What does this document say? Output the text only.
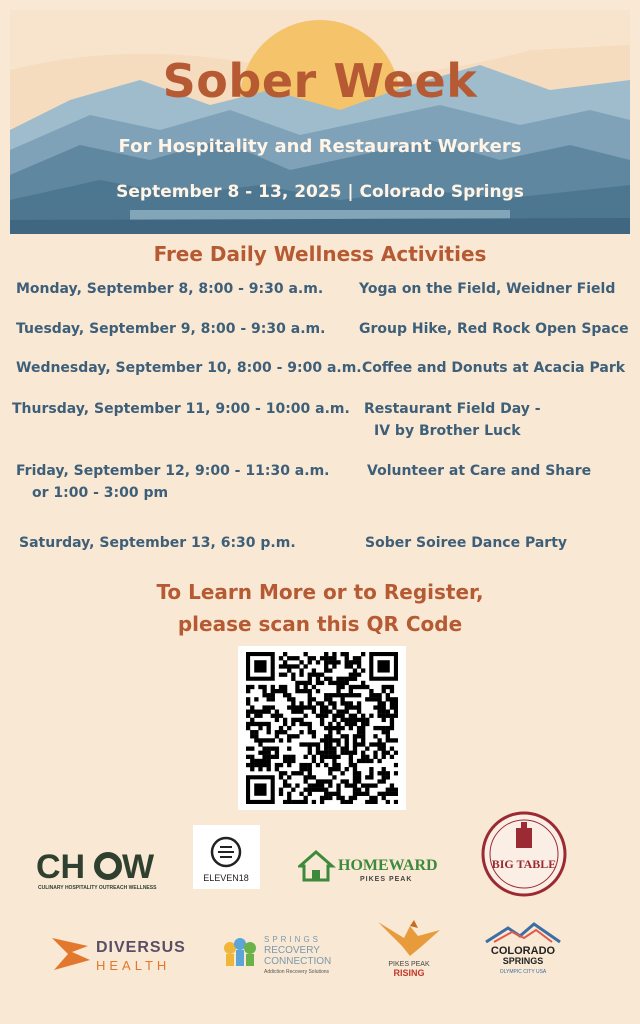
Sober Week
For Hospitality and Restaurant Workers
September 8 - 13, 2025 | Colorado Springs
Free Daily Wellness Activities
Monday, September 8, 8:00 - 9:30 a.m.	Yoga on the Field, Weidner Field
Tuesday, September 9, 8:00 - 9:30 a.m. Group Hike, Red Rock Open Space
Wednesday, September 10, 8:00 - 9:00 a.m. Coffee and Donuts at Acacia Park
Thursday, September 11, 9:00 - 10:00 a.m. Restaurant Field Day -
IV by Brother Luck
Friday, September 12, 9:00 - 11:30 a.m.
or 1:00 - 3:00 pm
Volunteer at Care and Share
Saturday, September 13, 6:30 p.m.	Sober Soiree Dance Party
To Learn More or to Register,
please scan this QR Code
CH W
CULINARY HOSPITALITY OUTREACH WELLNESS
ELEVEN18
HOMEWARD
PIKES PEAK
BIG TABLE
DIVERSUS
HEALTH
SPRINGS
RECOVERY
CONNECTION
Addiction Recovery Solutions
PIKES PEAK
RISING
COLORADO
SPRINGS
OLYMPIC CITY USA
